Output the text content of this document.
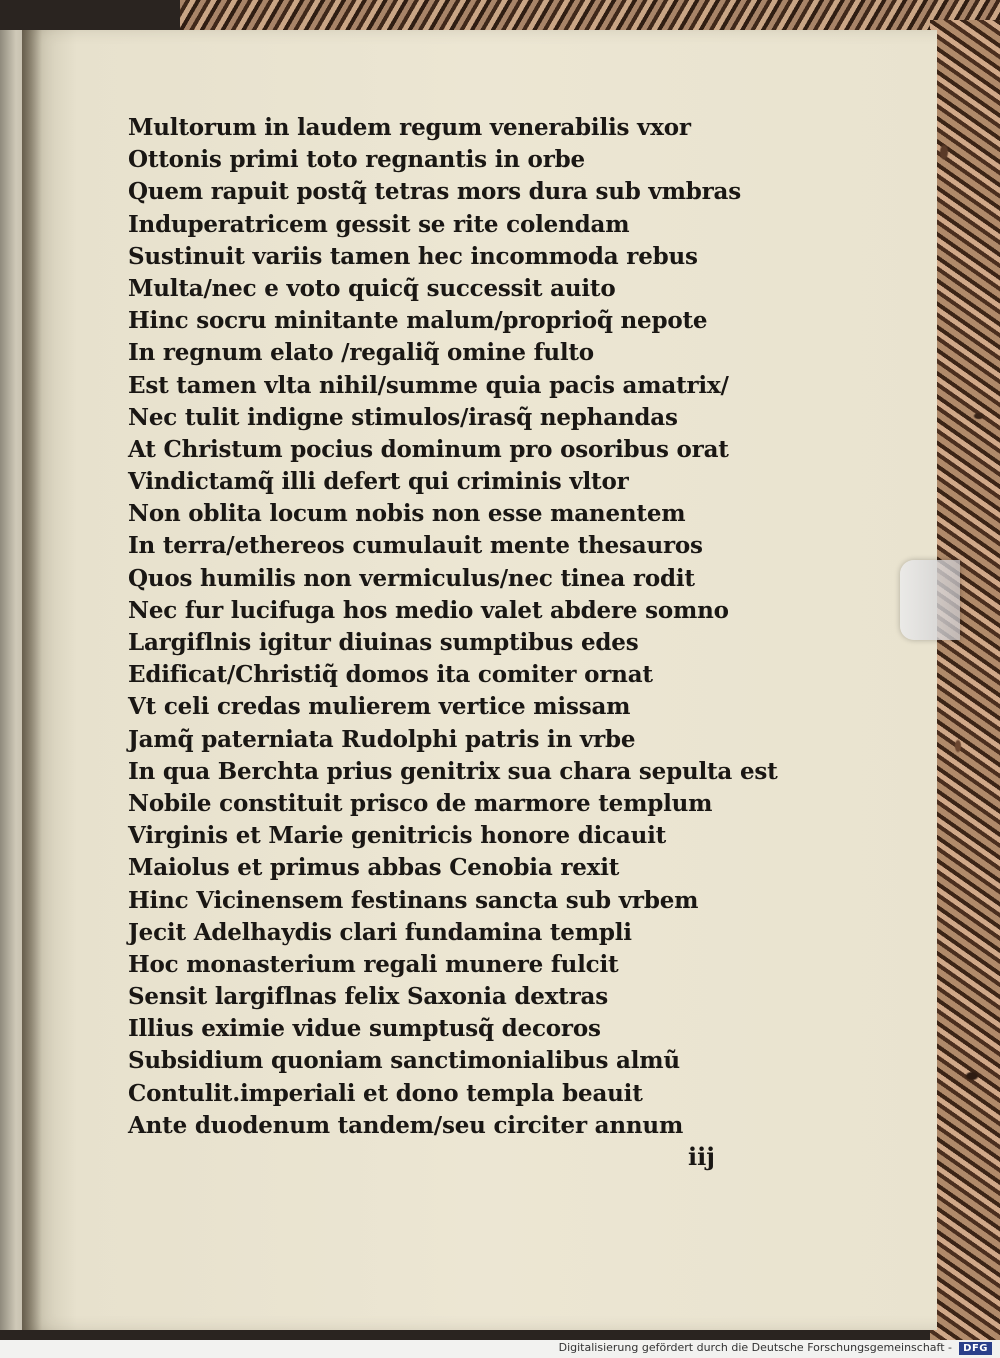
Multorum in laudem regum venerabilis vxor
Ottonis primi toto regnantis in orbe
Quem rapuit postq̃ tetras mors dura sub vmbras
Induperatricem gessit se rite colendam
Sustinuit variis tamen hec incommoda rebus
Multa/nec e voto quicq̃ successit auito
Hinc socru minitante malum/proprioq̃ nepote
In regnum elato /regaliq̃ omine fulto
Est tamen vlta nihil/summe quia pacis amatrix/
Nec tulit indigne stimulos/irasq̃ nephandas
At Christum pocius dominum pro osoribus orat
Vindictamq̃ illi defert qui criminis vltor
Non oblita locum nobis non esse manentem
In terra/ethereos cumulauit mente thesauros
Quos humilis non vermiculus/nec tinea rodit
Nec fur lucifuga hos medio valet abdere somno
Largiflnis igitur diuinas sumptibus edes
Edificat/Christiq̃ domos ita comiter ornat
Vt celi credas mulierem vertice missam
Jamq̃ paterniata Rudolphi patris in vrbe
In qua Berchta prius genitrix sua chara sepulta est
Nobile constituit prisco de marmore templum
Virginis et Marie genitricis honore dicauit
Maiolus et primus abbas Cenobia rexit
Hinc Vicinensem festinans sancta sub vrbem
Jecit Adelhaydis clari fundamina templi
Hoc monasterium regali munere fulcit
Sensit largiflnas felix Saxonia dextras
Illius eximie vidue sumptusq̃ decoros
Subsidium quoniam sanctimonialibus almũ
Contulit.imperiali et dono templa beauit
Ante duodenum tandem/seu circiter annum
iij
Digitalisierung gefördert durch die Deutsche Forschungsgemeinschaft -	DFG
